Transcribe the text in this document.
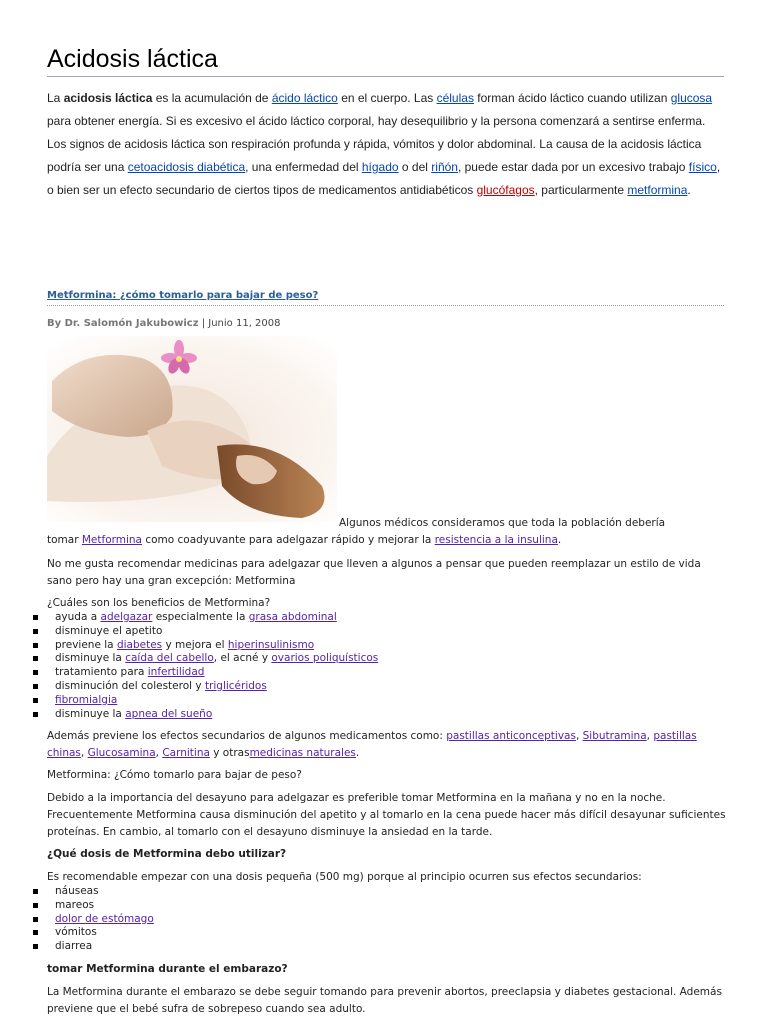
Acidosis láctica

La acidosis láctica es la acumulación de ácido láctico en el cuerpo. Las células forman ácido láctico cuando utilizan glucosa para obtener energía. Si es excesivo el ácido láctico corporal, hay desequilibrio y la persona comenzará a sentirse enferma. Los signos de acidosis láctica son respiración profunda y rápida, vómitos y dolor abdominal. La causa de la acidosis láctica podría ser una cetoacidosis diabética, una enfermedad del hígado o del riñón, puede estar dada por un excesivo trabajo físico, o bien ser un efecto secundario de ciertos tipos de medicamentos antidiabéticos glucófagos, particularmente metformina.

Metformina: ¿cómo tomarlo para bajar de peso?
By Dr. Salomón Jakubowicz | Junio 11, 2008
Algunos médicos consideramos que toda la población debería
tomar Metformina como coadyuvante para adelgazar rápido y mejorar la resistencia a la insulina.
No me gusta recomendar medicinas para adelgazar que lleven a algunos a pensar que pueden reemplazar un estilo de vida sano pero hay una gran excepción: Metformina
¿Cuáles son los beneficios de Metformina?
ayuda a adelgazar especialmente la grasa abdominal
disminuye el apetito
previene la diabetes y mejora el hiperinsulinismo
disminuye la caída del cabello, el acné y ovarios poliquísticos
tratamiento para infertilidad
disminución del colesterol y triglicéridos
fibromialgia
disminuye la apnea del sueño
Además previene los efectos secundarios de algunos medicamentos como: pastillas anticonceptivas, Sibutramina, pastillas chinas, Glucosamina, Carnitina y otrasmedicinas naturales.
Metformina: ¿Cómo tomarlo para bajar de peso?
Debido a la importancia del desayuno para adelgazar es preferible tomar Metformina en la mañana y no en la noche. Frecuentemente Metformina causa disminución del apetito y al tomarlo en la cena puede hacer más difícil desayunar suficientes proteínas. En cambio, al tomarlo con el desayuno disminuye la ansiedad en la tarde.
¿Qué dosis de Metformina debo utilizar?
Es recomendable empezar con una dosis pequeña (500 mg) porque al principio ocurren sus efectos secundarios:
náuseas
mareos
dolor de estómago
vómitos
diarrea
tomar Metformina durante el embarazo?
La Metformina durante el embarazo se debe seguir tomando para prevenir abortos, preeclapsia y diabetes gestacional. Además previene que el bebé sufra de sobrepeso cuando sea adulto.
